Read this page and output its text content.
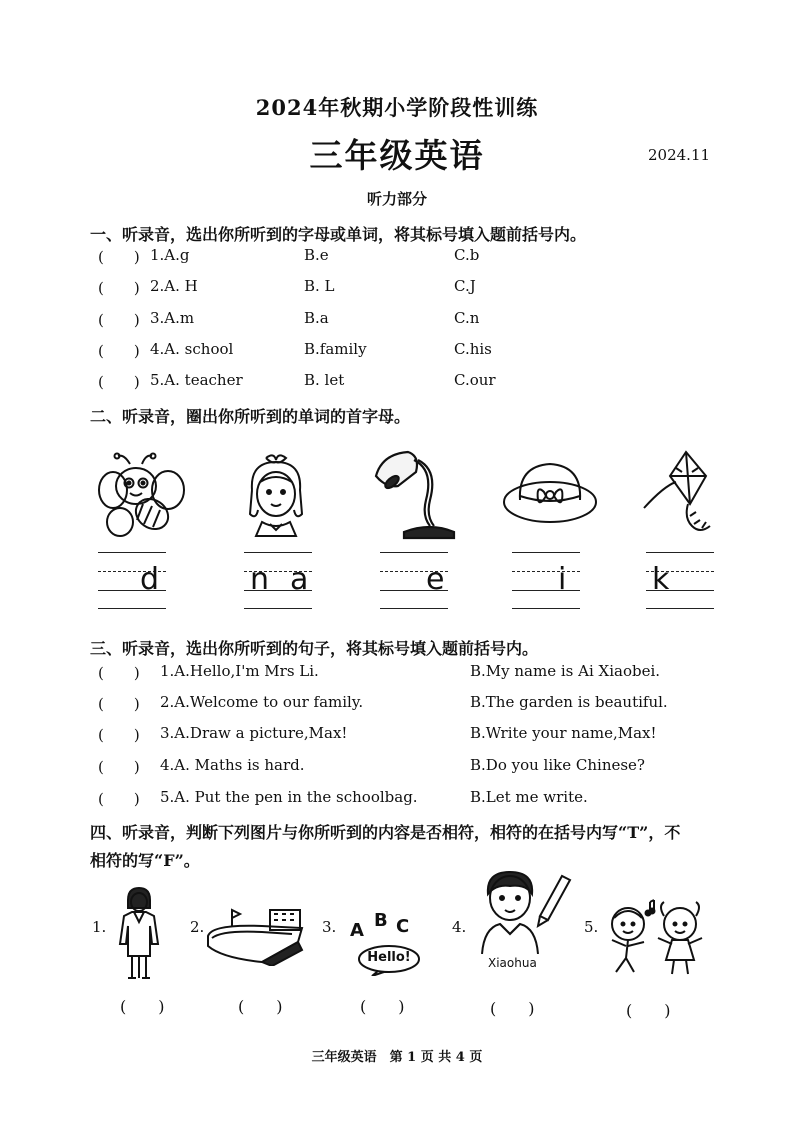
2024年秋期小学阶段性训练
三年级英语	2024.11
听力部分
一、听录音，选出你所听到的字母或单词，将其标号填入题前括号内。
(　　) 1.A.g	B.e	C.b
(　　) 2.A. H	B. L	C.J
(　　) 3.A.m	B.a	C.n
(　　) 4.A. school	B.family	C.his
(　　) 5.A. teacher	B. let	C.our
二、听录音，圈出你所听到的单词的首字母。
d	n a	e	i	k
三、听录音，选出你所听到的句子，将其标号填入题前括号内。
(　　) 1.A.Hello,I'm Mrs Li.	B.My name is Ai Xiaobei.
(　　) 2.A.Welcome to our family.	B.The garden is beautiful.
(　　) 3.A.Draw a picture,Max!	B.Write your name,Max!
(　　) 4.A. Maths is hard.	B.Do you like Chinese?
(　　) 5.A. Put the pen in the schoolbag.	B.Let me write.
四、听录音，判断下列图片与你所听到的内容是否相符，相符的在括号内写“T”，不
相符的写“F”。
1.	2.	3. A B C
Hello!
4.
Xiaohua
5.
(　　)	(　　)	(　　)	(　　)	(　　)
三年级英语　第 1 页 共 4 页
